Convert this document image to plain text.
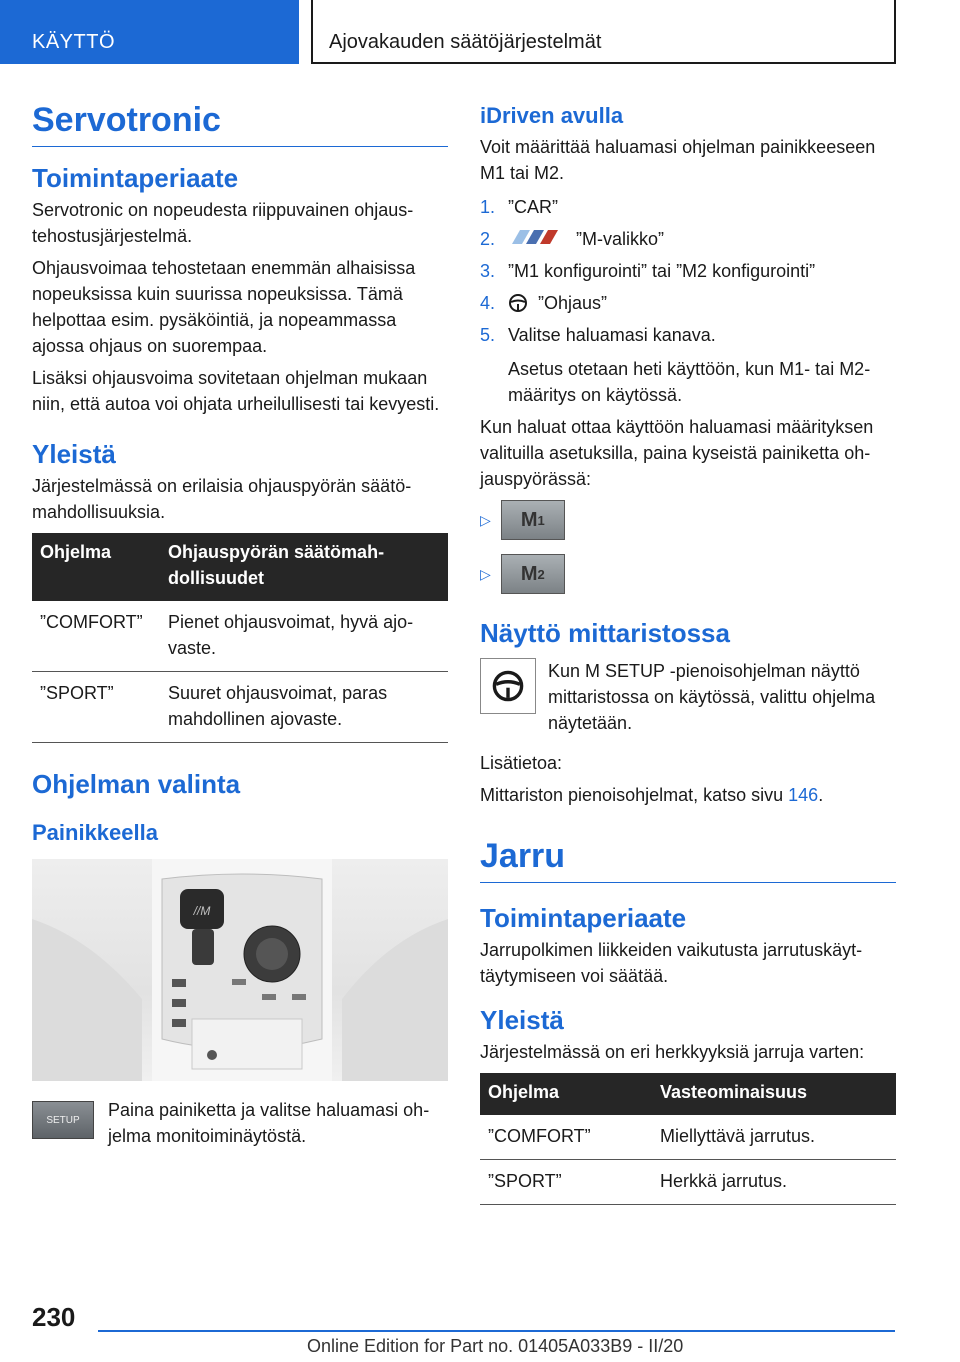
KÄYTTÖ	Ajovakauden säätöjärjestelmät
Servotronic
Toimintaperiaate

Servotronic on nopeudesta riippuvainen ohjaustehostusjärjestelmä.

Ohjausvoimaa tehostetaan enemmän alhaisissa nopeuksissa kuin suurissa nopeuksissa. Tämä helpottaa esim. pysäköintiä, ja nopeammassa ajossa ohjaus on suorempaa.

Lisäksi ohjausvoima sovitetaan ohjelman mukaan niin, että autoa voi ohjata urheilullisesti tai kevyesti.

Yleistä

Järjestelmässä on erilaisia ohjauspyörän säätömahdollisuuksia.

Ohjelma	Ohjauspyörän säätömahdollisuudet
”COMFORT”	Pienet ohjausvoimat, hyvä ajovaste.
”SPORT”	Suuret ohjausvoimat, paras mahdollinen ajovaste.
Ohjelman valinta
Painikkeella
//M
SETUP	Paina painiketta ja valitse haluamasi ohjelma monitoiminäytöstä.

iDriven avulla

Voit määrittää haluamasi ohjelman painikkeeseen M1 tai M2.

1. ”CAR”
2.	”M-valikko”
3. ”M1 konfigurointi” tai ”M2 konfigurointi”
4.	”Ohjaus”
5. Valitse haluamasi kanava.

Asetus otetaan heti käyttöön, kun M1- tai M2-määritys on käytössä.

Kun haluat ottaa käyttöön haluamasi määrityksen valituilla asetuksilla, paina kyseistä painiketta ohjauspyörässä:

▷ M 1
▷ M 2
Näyttö mittaristossa

Kun M SETUP -pienoisohjelman näyttö mittaristossa on käytössä, valittu ohjelma näytetään.

Lisätietoa:

Mittariston pienoisohjelmat, katso sivu 146.

Jarru
Toimintaperiaate

Jarrupolkimen liikkeiden vaikutusta jarrutuskäyttäytymiseen voi säätää.

Yleistä

Järjestelmässä on eri herkkyyksiä jarruja varten:

Ohjelma	Vasteominaisuus
”COMFORT”	Miellyttävä jarrutus.
”SPORT”	Herkkä jarrutus.
230
Online Edition for Part no. 01405A033B9 - II/20
